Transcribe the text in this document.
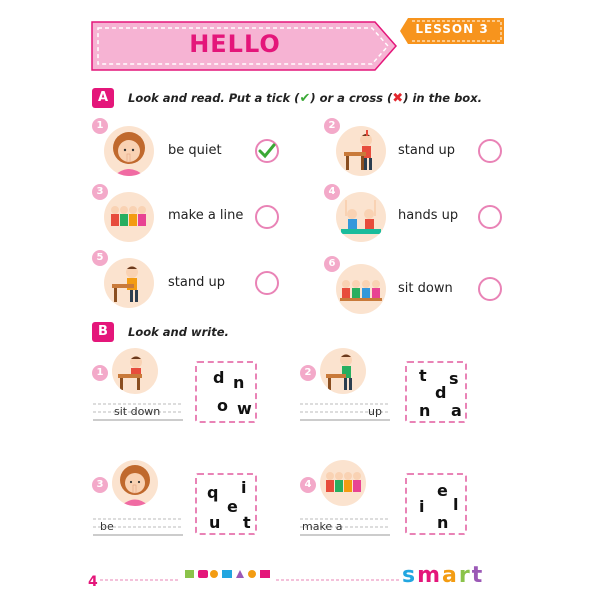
HELLO
LESSON 3
A	Look and read. Put a tick (✔) or a cross (✖) in the box.
1
be quiet
2
stand up
3
make a line
4
hands up
5
stand up
6
sit down
B	Look and write.
1
sit down
d n
o w
2
up
t s
d
n a
3
be
q i
e
u t
4
make a
e
i l
n
4	smart
